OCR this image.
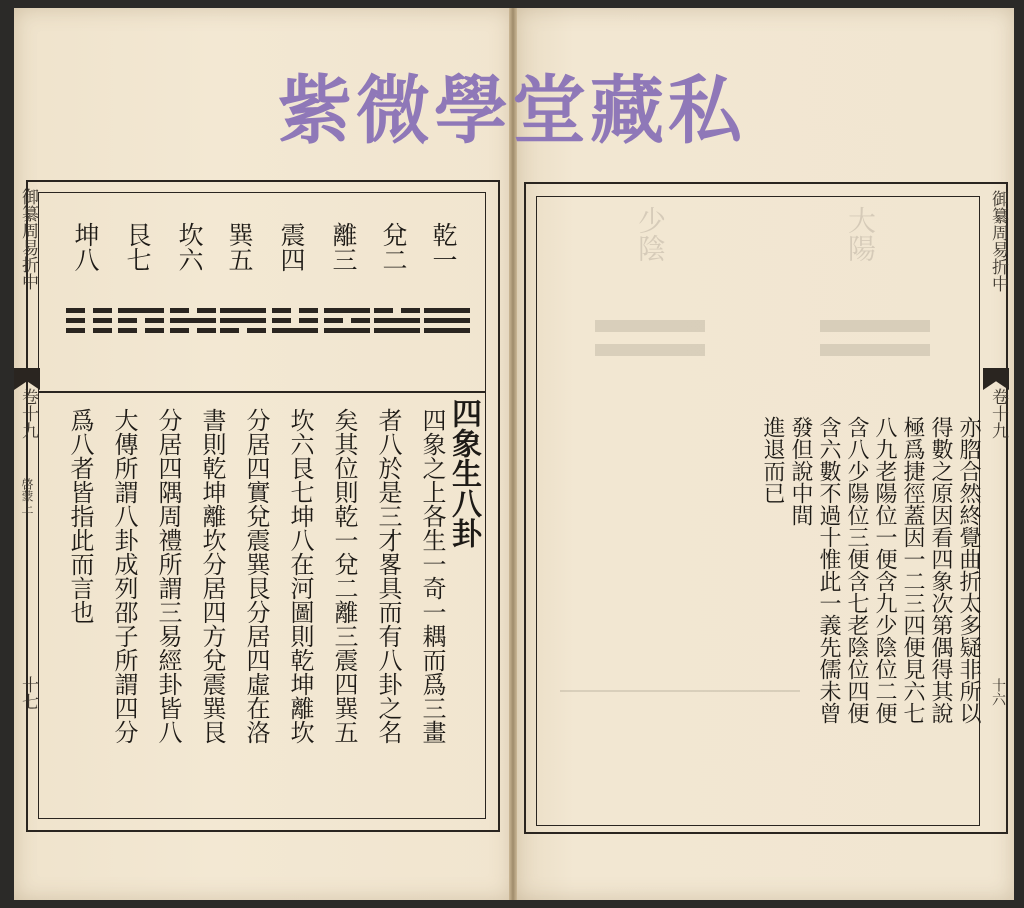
大陽
少陰
御纂周易折中
卷十九
啓蒙上
十七
乾一
兌二
離三
震四
巽五
坎六
艮七
坤八
四象生八卦
四象之上各生一奇一耦而爲三畫
者八於是三才畧具而有八卦之名
矣其位則乾一兌二離三震四巽五
坎六艮七坤八在河圖則乾坤離坎
分居四實兌震巽艮分居四虛在洛
書則乾坤離坎分居四方兌震巽艮
分居四隅周禮所謂三易經卦皆八
大傳所謂八卦成列邵子所謂四分
爲八者皆指此而言也
御纂周易折中
卷十九
十六
亦脗合然終覺曲折太多疑非所以
得數之原因看四象次第偶得其說
極爲捷徑蓋因一二三四便見六七
八九老陽位一便含九少陰位二便
含八少陽位三便含七老陰位四便
含六數不過十惟此一義先儒未曾
發但說中間
進退而已
紫微學堂藏私
